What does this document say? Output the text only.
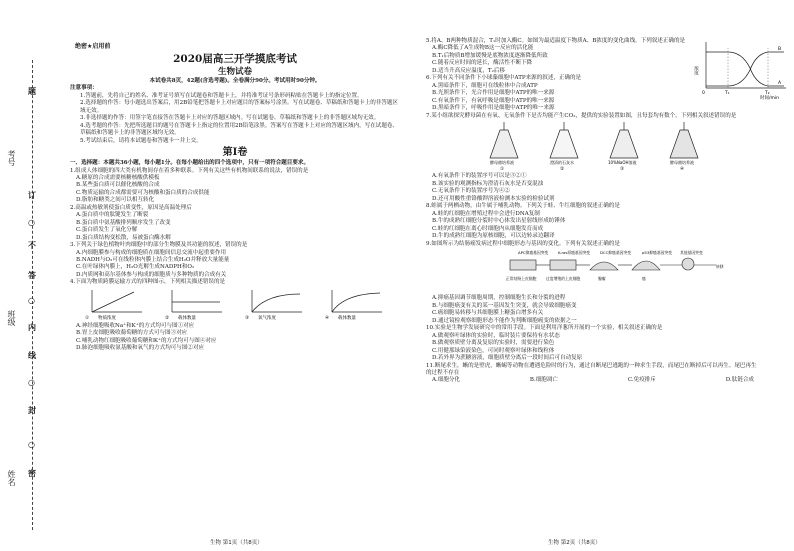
考号
班级
姓名
题
订
○
不
答
○
内
线
○
封
○
密
绝密★启用前
2020届高三开学摸底考试
生物试卷

本试卷共8页，42题(含选考题)。全卷满分90分。考试用时90分钟。

注意事项：

1.答题前，先将自己的姓名、准考证号填写在试题卷和答题卡上，并将准考证号条形码粘贴在答题卡上的指定位置。

2.选择题的作答：每小题选出答案后，用2B铅笔把答题卡上对应题目的答案标号涂黑。写在试题卷、草稿纸和答题卡上的非答题区域无效。

3.非选择题的作答：用签字笔直接答在答题卡上对应的答题区域内。写在试题卷、草稿纸和答题卡上的非答题区域均无效。

4.选考题的作答：先把所选题目的题号在答题卡上指定的位置用2B铅笔涂黑。答案写在答题卡上对应的答题区域内，写在试题卷、草稿纸和答题卡上的非答题区域均无效。

5.考试结束后，请将本试题卷和答题卡一并上交。

第Ⅰ卷

一、选择题：本题共36小题，每小题1分。在每小题给出的四个选项中，只有一项符合题目要求。

1.组成人体细胞的四大类有机物间存在着多种联系。下列有关这些有机物间联系的说法，错误的是

A.糖原的合成需要核糖核酸供模板

B.某些蛋白质可以催化核酸的合成

C.物质运输的合成都需要可为核酸和蛋白质的合成供能

D.脂肪和糖类之间可以相互转化

2.高温或热敏剂使蛋白质变性，原因是高温处理后

A.蛋白质中的肽键发生了断裂

B.蛋白质中氨基酸排列顺序发生了改变

C.蛋白质发生了氧化分解

D.蛋白质结构变松散，易被蛋白酶水解

3.下列关于绿色植物叶肉细胞中的部分生物膜及其功能的叙述，错误的是

A.内细胞膜参与构成的细胞质在细胞间信息交流中起重要作用

B.NADH与O₂可在线粒体内膜上结合生成H₂O并释放大量能量

C.在叶绿体内膜上，H₂O光解生成NADPH和O₂

D.内质网和高尔基体参与构成的细胞质与多种物质的合成有关

4.下面为物质跨膜运输方式的四种图示，下列相关描述错误的是

① 物质浓度	② 载体数量	③ 氧气浓度	④ 载体数量

A.神经细胞吸收Na⁺和K⁺的方式均可与图①对应

B.胃上皮细胞吸收葡萄糖的方式可与图③对应

C.哺乳动物红细胞吸收葡萄糖和K⁺的方式均可与图④对应

D.肺泡细胞吸收氨基酸和氧气的方式均可与图②对应

生物 第1页（共8页）
浓度
0	T₁	T₂
时间/min
B
A

5.将A、B两种物质混合，T₁时加入酶C。如图为最适温度下物质A、B浓度的变化曲线。下列叙述正确的是

A.酶C降低了A生成物B这一反应的活化能

B.T₁后物质B增加缓慢是底物浓度逐渐降低所致

C.随着反应时间的延长，酶活性不断下降

D.适当升高反应温度，T₂后移

6.下列有关不同条件下小球藻细胞中ATP来源的叙述，正确的是

A.黑暗条件下，细胞可在线粒体中合成ATP

B.光照条件下，光合作用是细胞中ATP的唯一来源

C.有氧条件下，有氧呼吸是细胞中ATP的唯一来源

D.黑暗条件下，呼吸作用是细胞中ATP的唯一来源

7.某小组欲探究酵母菌在有氧、无氧条件下是否均能产生CO₂，提供的实验装置如图，且每套均有数个。下列相关叙述错误的是

酵母菌培养液
①
澄清的石灰水
②
10%NaOH溶液
③
酵母菌培养液
④

A.有氧条件下的装置序号可以是③②①

B.该实验的观测指标为澄清石灰水是否变混浊

C.无氧条件下的装置序号为④②

D.还可用酸性重铬酸钾溶液检测本实验的检验试剂

8.蛙属于两栖动物，由牛属于哺乳动物。下列关于蛙、牛红细胞的叙述正确的是

A.蛙的红细胞在增殖过程中会进行DNA复制

B.牛的成熟红细胞分裂时中心体发出星射线形成纺锤体

C.蛙的红细胞在离心时细胞内从细胞发育而成

D.牛的成熟红细胞为原核细胞，可以边转录边翻译

9.如图所示为结肠癌发病过程中细胞形态与基因的变化。下列有关叙述正确的是

APC抑癌基因突变	K-ras原癌基因突变	DCC抑癌基因突变	p53抑癌基因突变 其他基因突变
正常结肠上皮细胞	过度增殖的上皮细胞	腺瘤	癌
转移

A.抑癌基因调节细胞周期，控制细胞生长和分裂的进程

B.与细胞癌变有关的某一基因发生突变，就会导致细胞癌变

C.癌细胞易转移与其细胞膜上糖蛋白增多有关

D.通过镜检观察细胞形态不能作为判断细胞癌变的依据之一

10.实验是生物学发展研究中的常用手段。下面是利用洋葱所开展的一个实验，相关叙述正确的是

A.做观察叶绿体的实验时，临时装片要保持有水状态

B.做观察质壁分离及复原的实验时，需要进行染色

C.用健那绿染液染色，可同时观察叶绿体和线粒体

D.若外界为蔗糖溶液，细胞质壁分离后一段时间后可自动复原

11.断尾求生，蜥的是壁虎，蜥蜴等动物在遭遇危险时的行为，通过自断尾巴逃跑的一种求生手段，而尾巴在断掉后可以再生。尾巴再生的过程不存在

A.细胞分化	B.细胞凋亡	C.免疫排斥	D.肽链合成
生物 第2页（共8页）
